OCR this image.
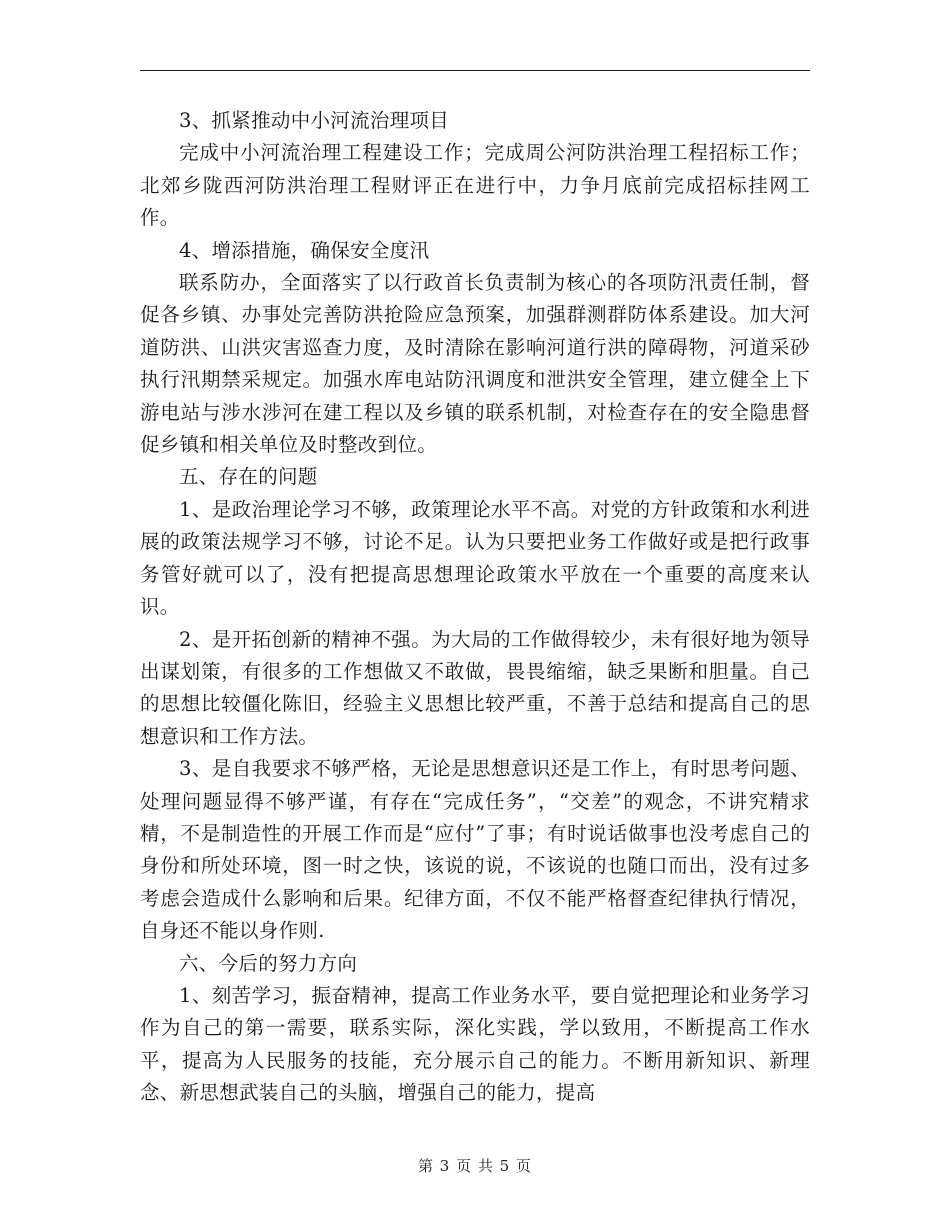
3、抓紧推动中小河流治理项目

完成中小河流治理工程建设工作；完成周公河防洪治理工程招标工作；北郊乡陇西河防洪治理工程财评正在进行中，力争月底前完成招标挂网工作。

4、增添措施，确保安全度汛

联系防办，全面落实了以行政首长负责制为核心的各项防汛责任制，督促各乡镇、办事处完善防洪抢险应急预案，加强群测群防体系建设。加大河道防洪、山洪灾害巡查力度，及时清除在影响河道行洪的障碍物，河道采砂执行汛期禁采规定。加强水库电站防汛调度和泄洪安全管理，建立健全上下游电站与涉水涉河在建工程以及乡镇的联系机制，对检查存在的安全隐患督促乡镇和相关单位及时整改到位。

五、存在的问题

1、是政治理论学习不够，政策理论水平不高。对党的方针政策和水利进展的政策法规学习不够，讨论不足。认为只要把业务工作做好或是把行政事务管好就可以了，没有把提高思想理论政策水平放在一个重要的高度来认识。

2、是开拓创新的精神不强。为大局的工作做得较少，未有很好地为领导出谋划策，有很多的工作想做又不敢做，畏畏缩缩，缺乏果断和胆量。自己的思想比较僵化陈旧，经验主义思想比较严重，不善于总结和提高自己的思想意识和工作方法。

3、是自我要求不够严格，无论是思想意识还是工作上，有时思考问题、处理问题显得不够严谨，有存在“完成任务”，“交差”的观念，不讲究精求精，不是制造性的开展工作而是“应付”了事；有时说话做事也没考虑自己的身份和所处环境，图一时之快，该说的说，不该说的也随口而出，没有过多考虑会造成什么影响和后果。纪律方面，不仅不能严格督查纪律执行情况，自身还不能以身作则.

六、今后的努力方向

1、刻苦学习，振奋精神，提高工作业务水平，要自觉把理论和业务学习作为自己的第一需要，联系实际，深化实践，学以致用，不断提高工作水平，提高为人民服务的技能，充分展示自己的能力。不断用新知识、新理念、新思想武装自己的头脑，增强自己的能力，提高

第 3 页 共 5 页
